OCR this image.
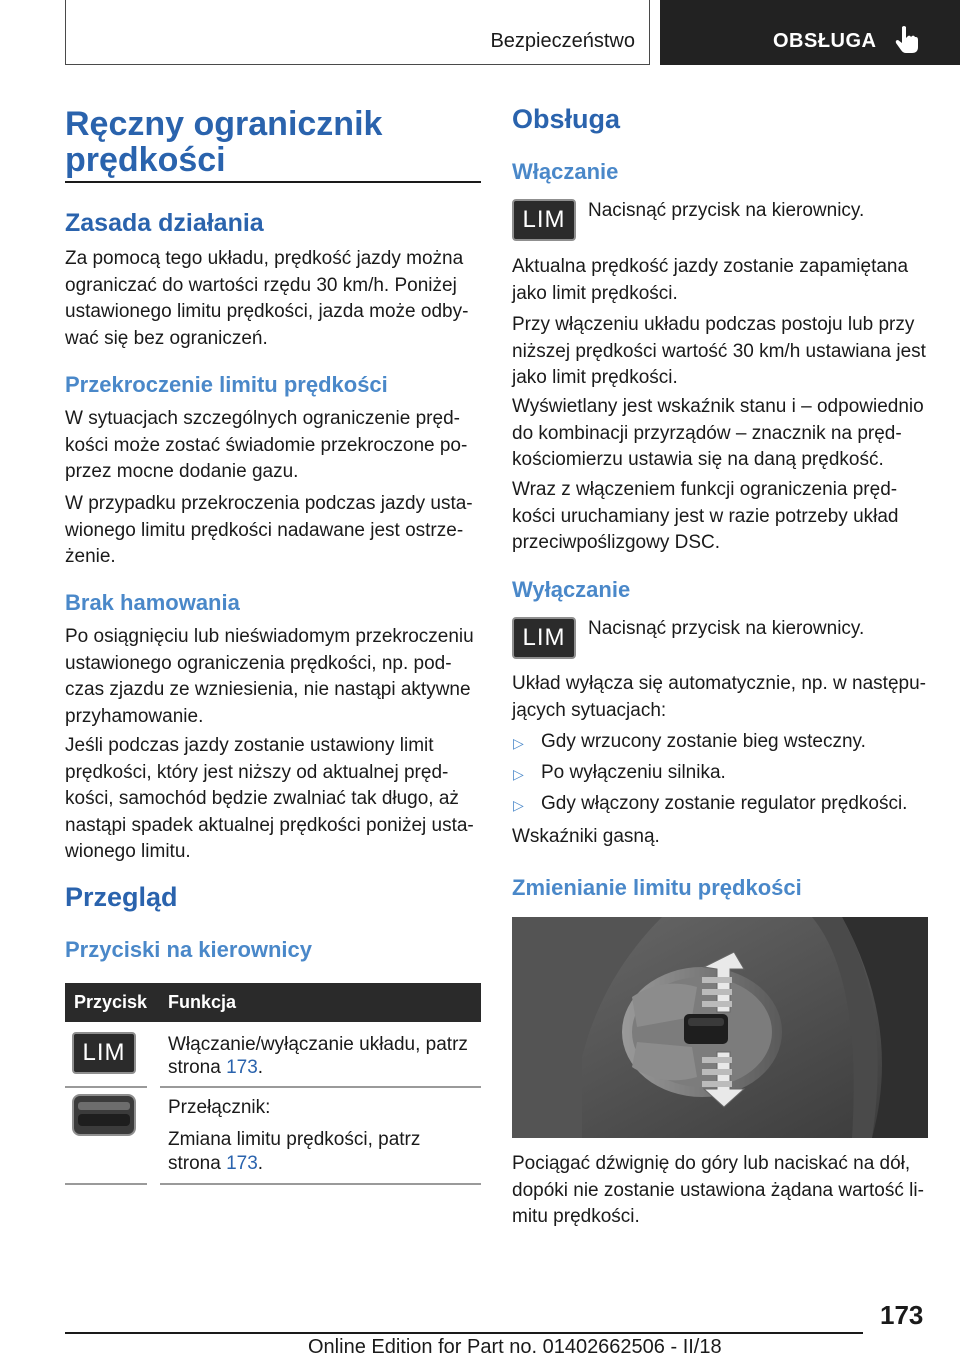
Bezpieczeństwo	OBSŁUGA
Ręczny ogranicznik
prędkości
Zasada działania
Za pomocą tego układu, prędkość jazdy można
ograniczać do wartości rzędu 30 km/h. Poniżej
ustawionego limitu prędkości, jazda może odby‐
wać się bez ograniczeń.
Przekroczenie limitu prędkości
W sytuacjach szczególnych ograniczenie pręd‐
kości może zostać świadomie przekroczone po‐
przez mocne dodanie gazu.
W przypadku przekroczenia podczas jazdy usta‐
wionego limitu prędkości nadawane jest ostrze‐
żenie.
Brak hamowania
Po osiągnięciu lub nieświadomym przekroczeniu
ustawionego ograniczenia prędkości, np. pod‐
czas zjazdu ze wzniesienia, nie nastąpi aktywne
przyhamowanie.
Jeśli podczas jazdy zostanie ustawiony limit
prędkości, który jest niższy od aktualnej pręd‐
kości, samochód będzie zwalniać tak długo, aż
nastąpi spadek aktualnej prędkości poniżej usta‐
wionego limitu.
Przegląd
Przyciski na kierownicy
Przycisk Funkcja
LIM Włączanie/wyłączanie układu, patrz
strona 173.
Przełącznik:
Zmiana limitu prędkości, patrz
strona 173.
Obsługa
Włączanie
LIM Nacisnąć przycisk na kierownicy.
Aktualna prędkość jazdy zostanie zapamiętana
jako limit prędkości.
Przy włączeniu układu podczas postoju lub przy
niższej prędkości wartość 30 km/h ustawiana jest
jako limit prędkości.
Wyświetlany jest wskaźnik stanu i – odpowiednio
do kombinacji przyrządów – znacznik na pręd‐
kościomierzu ustawia się na daną prędkość.
Wraz z włączeniem funkcji ograniczenia pręd‐
kości uruchamiany jest w razie potrzeby układ
przeciwpoślizgowy DSC.
Wyłączanie
LIM Nacisnąć przycisk na kierownicy.
Układ wyłącza się automatycznie, np. w następu‐
jących sytuacjach:
▷ Gdy wrzucony zostanie bieg wsteczny.
▷ Po wyłączeniu silnika.
▷ Gdy włączony zostanie regulator prędkości.
Wskaźniki gasną.
Zmienianie limitu prędkości
Pociągać dźwignię do góry lub naciskać na dół,
dopóki nie zostanie ustawiona żądana wartość li‐
mitu prędkości.
173
Online Edition for Part no. 01402662506 - II/18
